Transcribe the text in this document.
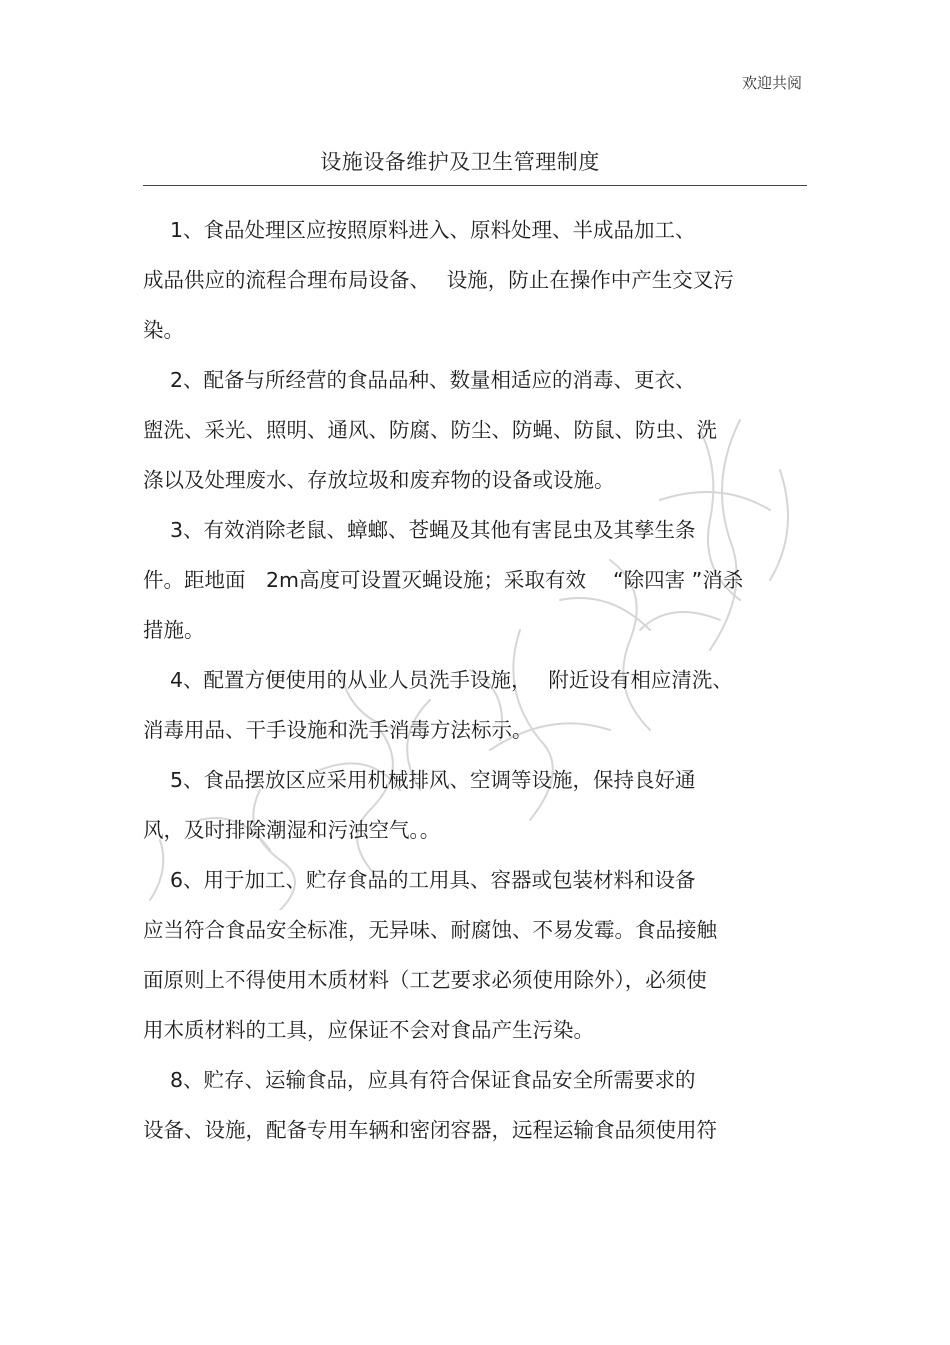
欢迎共阅
设施设备维护及卫生管理制度
　 1、食品处理区应按照原料进入、原料处理、半成品加工、
成品供应的流程合理布局设备、　 设施，防止在操作中产生交叉污
染。
　 2、配备与所经营的食品品种、数量相适应的消毒、更衣、
盥洗、采光、照明、通风、防腐、防尘、防蝇、防鼠、防虫、洗
涤以及处理废水、存放垃圾和废弃物的设备或设施。
　 3、有效消除老鼠、蟑螂、苍蝇及其他有害昆虫及其孳生条
件。距地面　2m高度可设置灭蝇设施；采取有效　 “除四害 ”消杀
措施。
　 4、配置方便使用的从业人员洗手设施，　 附近设有相应清洗、
消毒用品、干手设施和洗手消毒方法标示。
　 5、食品摆放区应采用机械排风、空调等设施，保持良好通
风，及时排除潮湿和污浊空气。。
　 6、用于加工、贮存食品的工用具、容器或包装材料和设备
应当符合食品安全标准，无异味、耐腐蚀、不易发霉。食品接触
面原则上不得使用木质材料（工艺要求必须使用除外），必须使
用木质材料的工具，应保证不会对食品产生污染。
　 8、贮存、运输食品，应具有符合保证食品安全所需要求的
设备、设施，配备专用车辆和密闭容器，远程运输食品须使用符
